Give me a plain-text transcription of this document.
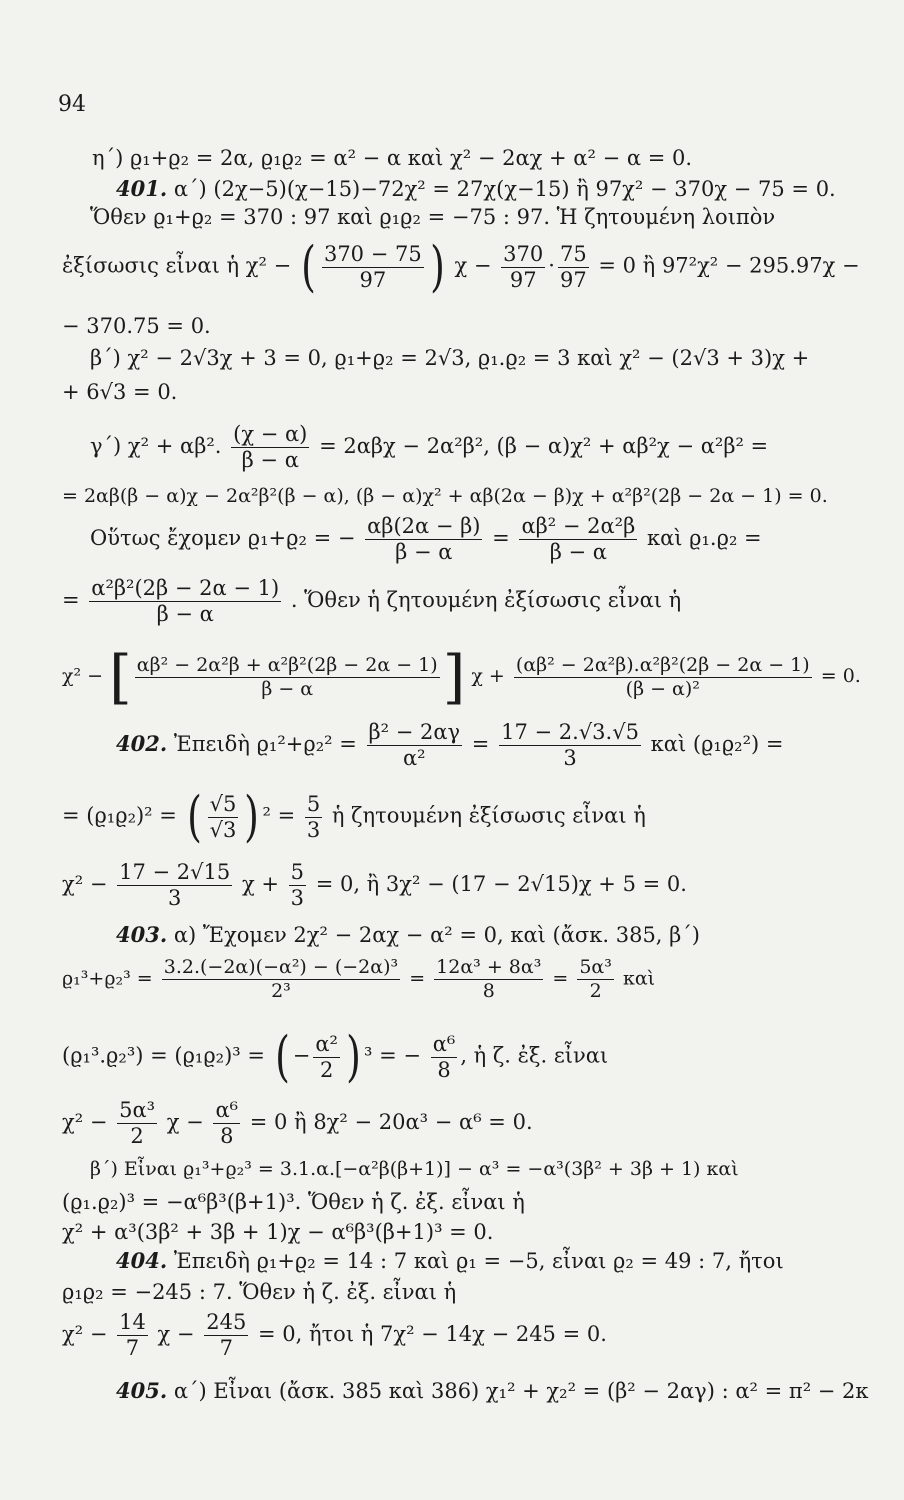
94
η΄) ϱ₁+ϱ₂ = 2α, ϱ₁ϱ₂ = α² − α καὶ χ² − 2αχ + α² − α = 0.
401. α΄) (2χ−5)(χ−15)−72χ² = 27χ(χ−15) ἢ 97χ² − 370χ − 75 = 0.
Ὅθεν ϱ₁+ϱ₂ = 370 : 97 καὶ ϱ₁ϱ₂ = −75 : 97. Ἡ ζητουμένη λοιπὸν
ἐξίσωσις εἶναι ἡ χ² − ( $\frac{370 - 75}{97}$ ) $\chi - \frac{370}{97} \cdot \frac{75}{97} = 0$ ἢ 97²χ² − 295.97χ −
− 370.75 = 0.
β΄) χ² − 2√3χ + 3 = 0, ϱ₁+ϱ₂ = 2√3, ϱ₁.ϱ₂ = 3 καὶ χ² − (2√3 + 3)χ +
+ 6√3 = 0.
γ΄) χ² + αβ². $\frac{(\chi - \alpha)}{\beta - \alpha} = 2\alpha\beta\chi - 2\alpha^2\beta^2$, (β − α)χ² + αβ²χ − α²β² =
= 2αβ(β − α)χ − 2α²β²(β − α), (β − α)χ² + αβ(2α − β)χ + α²β²(2β − 2α − 1) = 0.
Οὕτως ἔχομεν ϱ₁+ϱ₂ = − $\frac{\alpha\beta(2\alpha - \beta)}{\beta - \alpha} = \frac{\text{αβ² − 2α²β}}{\beta - \alpha}$ καὶ ϱ₁.ϱ₂ =
= $\frac{\text{α²β²(2β − 2α − 1)}}{\beta - \alpha}$ . Ὅθεν ἡ ζητουμένη ἐξίσωσις εἶναι ἡ
χ² − [ $\frac{\text{αβ² − 2α²β + α²β²(2β − 2α − 1)}}{\beta - \alpha}$ ] $\chi + \frac{\text{(αβ² − 2α²β).α²β²(2β − 2α − 1)}}{\text{(β − α)²}} = 0$.
402. Ἐπειδὴ $ϱ_1^2+ϱ_2^2 = \frac{\text{β² − 2αγ}}{\text{α²}} = \frac{17 - 2.√3.√5}{3}$ καὶ (ϱ₁ϱ₂²) =
= (ϱ₁ϱ₂)² = ( $\frac{√5}{√3}$ ) $^2 = \frac{5}{3}$ ἡ ζητουμένη ἐξίσωσις εἶναι ἡ
$\chi^2 - \frac{17 - 2√15}{3}$ $\chi + \frac{5}{3} = 0$, ἢ 3χ² − (17 − 2√15)χ + 5 = 0.
403. α) Ἔχομεν 2χ² − 2αχ − α² = 0, καὶ (ἄσκ. 385, β΄)
$ϱ_1^3+ϱ_2^3 = \frac{\text{3.2.(−2α)(−α²) − (−2α)³}}{\text{2³}} = \frac{\text{12α³ + 8α³}}{8} = \frac{\text{5α³}}{2}$ καὶ
(ϱ₁³.ϱ₂³) = (ϱ₁ϱ₂)³ = ( − $\frac{\text{α²}}{2}$ ) ³ = − $\frac{\text{α⁶}}{8}$ , ἡ ζ. ἐξ. εἶναι
$\chi^2 - \frac{\text{5α³}}{2}$ $\chi - \frac{\text{α⁶}}{8} = 0$ ἢ 8χ² − 20α³ − α⁶ = 0.
β΄) Εἶναι ϱ₁³+ϱ₂³ = 3.1.α.[−α²β(β+1)] − α³ = −α³(3β² + 3β + 1) καὶ
(ϱ₁.ϱ₂)³ = −α⁶β³(β+1)³. Ὅθεν ἡ ζ. ἐξ. εἶναι ἡ
χ² + α³(3β² + 3β + 1)χ − α⁶β³(β+1)³ = 0.
404. Ἐπειδὴ ϱ₁+ϱ₂ = 14 : 7 καὶ ϱ₁ = −5, εἶναι ϱ₂ = 49 : 7, ἤτοι
ϱ₁ϱ₂ = −245 : 7. Ὅθεν ἡ ζ. ἐξ. εἶναι ἡ
$\chi^2 - \frac{14}{7}$ $\chi - \frac{245}{7} = 0$, ἤτοι ἡ 7χ² − 14χ − 245 = 0.
405. α΄) Εἶναι (ἄσκ. 385 καὶ 386) χ₁² + χ₂² = (β² − 2αγ) : α² = π² − 2κ
